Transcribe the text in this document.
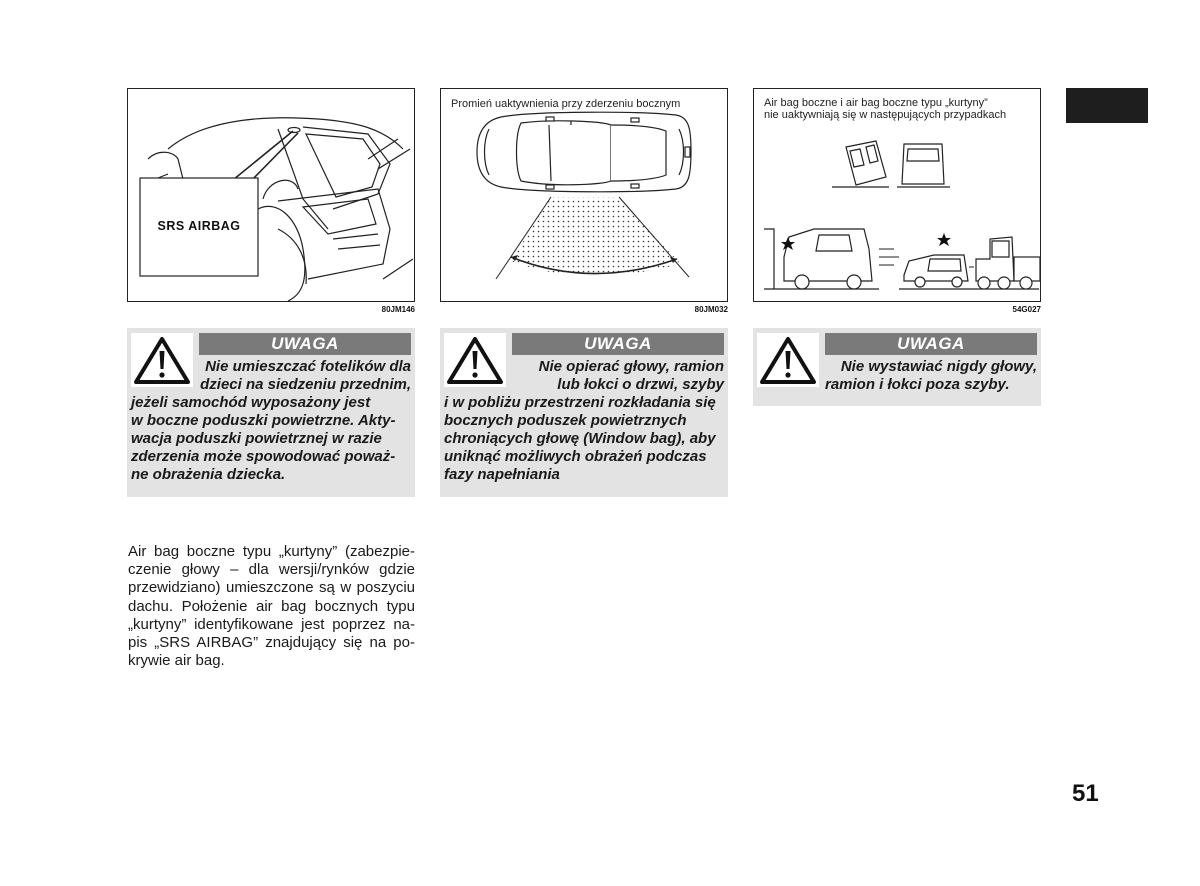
SRS AIRBAG
80JM146
Promień uaktywnienia przy zderzeniu bocznym
80JM032
Air bag boczne i air bag boczne typu „kurtyny”
nie uaktywniają się w następujących przypadkach
54G027
UWAGA
Nie umieszczać fotelików dla
dzieci na siedzeniu przednim,
jeżeli samochód wyposażony jest
w boczne poduszki powietrzne. Akty-
wacja poduszki powietrznej w razie
zderzenia może spowodować poważ-
ne obrażenia dziecka.
UWAGA
Nie opierać głowy, ramion
lub łokci o drzwi, szyby
i w pobliżu przestrzeni rozkładania się
bocznych poduszek powietrznych
chroniących głowę (Window bag), aby
uniknąć możliwych obrażeń podczas
fazy napełniania
UWAGA
Nie wystawiać nigdy głowy,
ramion i łokci poza szyby.
Air bag boczne typu „kurtyny” (zabezpie-
czenie głowy – dla wersji/rynków gdzie
przewidziano) umieszczone są w poszyciu
dachu. Położenie air bag bocznych typu
„kurtyny” identyfikowane jest poprzez na-
pis „SRS AIRBAG” znajdujący się na po-
krywie air bag.
51
